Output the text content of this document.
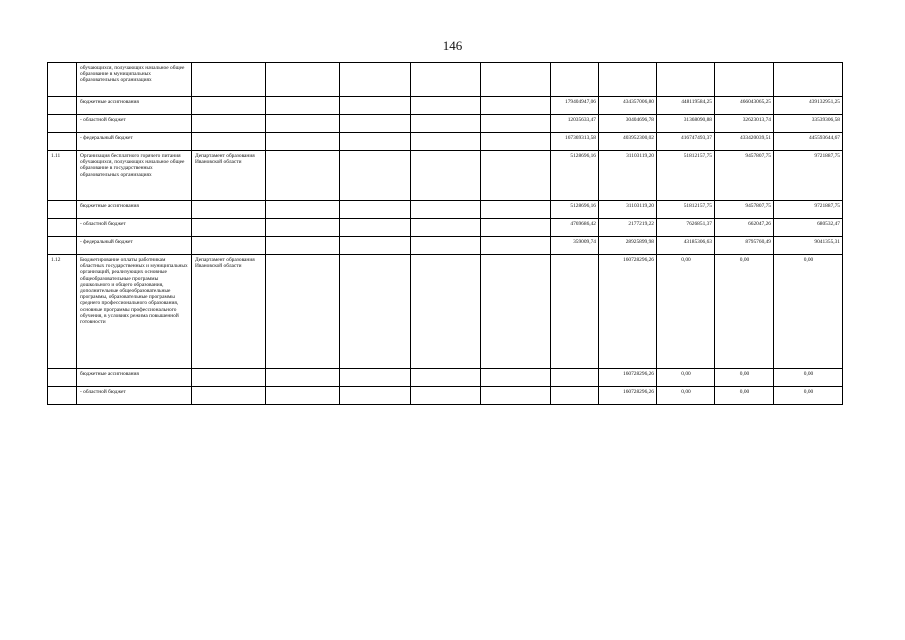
146
	обучающихся, получающих начальное общее образование в муниципальных образовательных организациях										
	бюджетные ассигнования						179404947,06	434357006,80	448119584,25	466043065,25	439132951,25
	- областной бюджет						12035633,47	30404696,78	31368090,88	32623013,74	33539306,58
	- федеральный бюджет						167369313,58	403952300,02	416747493,37	433420039,51	445593644,67
1.11	Организация бесплатного горячего питания обучающихся, получающих начальное общее образование в государственных образовательных организациях	Департамент образования Ивановской области					5128696,16	31103119,20	51812157,75	9457807,75	9721887,75
	бюджетные ассигнования						5128696,16	31103119,20	51812157,75	9457807,75	9721887,75
	- областной бюджет						4769686,42	2177219,22	7626851,37	662047,26	680532,47
	- федеральный бюджет						359009,74	28925899,98	43185306,63	8795760,49	9041355,31
1.12	Бюджетирование оплаты работникам областных государственных и муниципальных организаций, реализующих основные общеобразовательные программы дошкольного и общего образования, дополнительные общеобразовательные программы, образовательные программы среднего профессионального образования, основные программы профессионального обучения, в условиях режима повышенной готовности	Департамент образования Ивановской области						160728296,26	0,00	0,00	0,00
	бюджетные ассигнования							160728296,26	0,00	0,00	0,00
	- областной бюджет							160728296,26	0,00	0,00	0,00
